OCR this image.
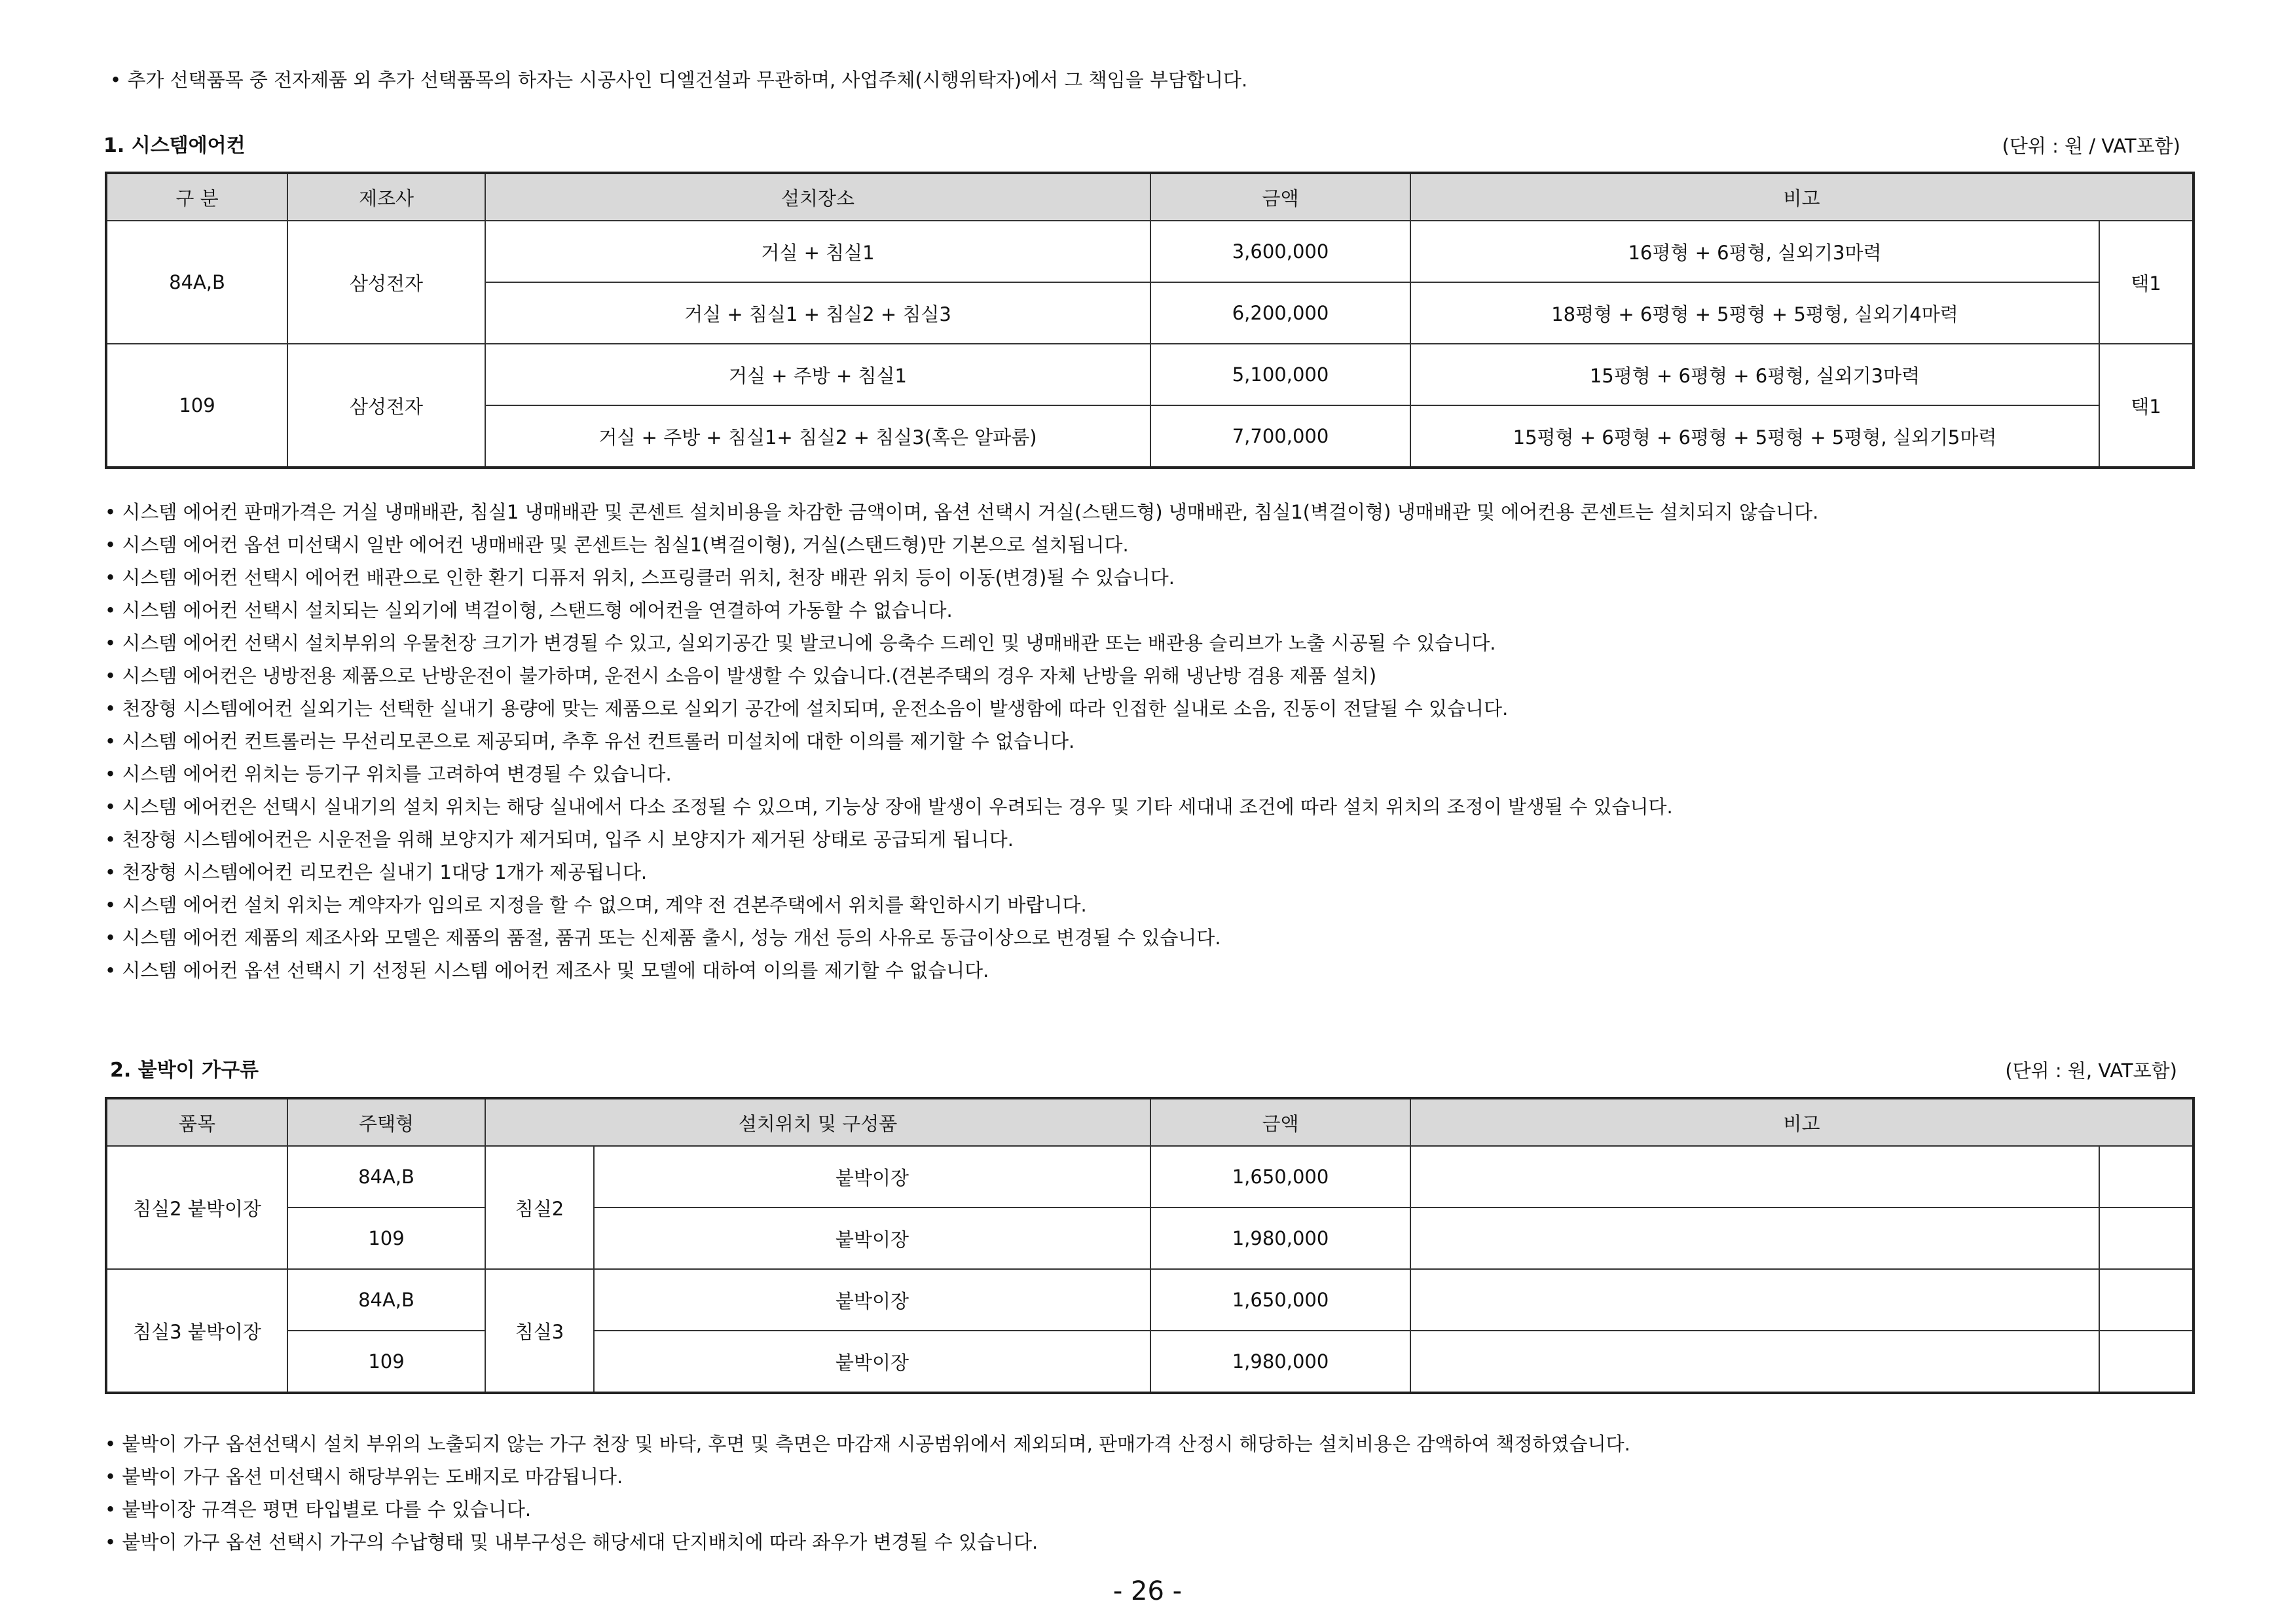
• 추가 선택품목 중 전자제품 외 추가 선택품목의 하자는 시공사인 디엘건설과 무관하며, 사업주체(시행위탁자)에서 그 책임을 부담합니다.
1. 시스템에어컨	(단위 : 원 / VAT포함)
구 분	제조사	설치장소	금액	비고	
84A,B	삼성전자	거실 + 침실1	3,600,000	16평형 + 6평형, 실외기3마력	택1
		거실 + 침실1 + 침실2 + 침실3	6,200,000	18평형 + 6평형 + 5평형 + 5평형, 실외기4마력	
109	삼성전자	거실 + 주방 + 침실1	5,100,000	15평형 + 6평형 + 6평형, 실외기3마력	택1
		거실 + 주방 + 침실1+ 침실2 + 침실3(혹은 알파룸)	7,700,000	15평형 + 6평형 + 6평형 + 5평형 + 5평형, 실외기5마력	
• 시스템 에어컨 판매가격은 거실 냉매배관, 침실1 냉매배관 및 콘센트 설치비용을 차감한 금액이며, 옵션 선택시 거실(스탠드형) 냉매배관, 침실1(벽걸이형) 냉매배관 및 에어컨용 콘센트는 설치되지 않습니다.
• 시스템 에어컨 옵션 미선택시 일반 에어컨 냉매배관 및 콘센트는 침실1(벽걸이형), 거실(스탠드형)만 기본으로 설치됩니다.
• 시스템 에어컨 선택시 에어컨 배관으로 인한 환기 디퓨저 위치, 스프링클러 위치, 천장 배관 위치 등이 이동(변경)될 수 있습니다.
• 시스템 에어컨 선택시 설치되는 실외기에 벽걸이형, 스탠드형 에어컨을 연결하여 가동할 수 없습니다.
• 시스템 에어컨 선택시 설치부위의 우물천장 크기가 변경될 수 있고, 실외기공간 및 발코니에 응축수 드레인 및 냉매배관 또는 배관용 슬리브가 노출 시공될 수 있습니다.
• 시스템 에어컨은 냉방전용 제품으로 난방운전이 불가하며, 운전시 소음이 발생할 수 있습니다.(견본주택의 경우 자체 난방을 위해 냉난방 겸용 제품 설치)
• 천장형 시스템에어컨 실외기는 선택한 실내기 용량에 맞는 제품으로 실외기 공간에 설치되며, 운전소음이 발생함에 따라 인접한 실내로 소음, 진동이 전달될 수 있습니다.
• 시스템 에어컨 컨트롤러는 무선리모콘으로 제공되며, 추후 유선 컨트롤러 미설치에 대한 이의를 제기할 수 없습니다.
• 시스템 에어컨 위치는 등기구 위치를 고려하여 변경될 수 있습니다.
• 시스템 에어컨은 선택시 실내기의 설치 위치는 해당 실내에서 다소 조정될 수 있으며, 기능상 장애 발생이 우려되는 경우 및 기타 세대내 조건에 따라 설치 위치의 조정이 발생될 수 있습니다.
• 천장형 시스템에어컨은 시운전을 위해 보양지가 제거되며, 입주 시 보양지가 제거된 상태로 공급되게 됩니다.
• 천장형 시스템에어컨 리모컨은 실내기 1대당 1개가 제공됩니다.
• 시스템 에어컨 설치 위치는 계약자가 임의로 지정을 할 수 없으며, 계약 전 견본주택에서 위치를 확인하시기 바랍니다.
• 시스템 에어컨 제품의 제조사와 모델은 제품의 품절, 품귀 또는 신제품 출시, 성능 개선 등의 사유로 동급이상으로 변경될 수 있습니다.
• 시스템 에어컨 옵션 선택시 기 선정된 시스템 에어컨 제조사 및 모델에 대하여 이의를 제기할 수 없습니다.
2. 붙박이 가구류	(단위 : 원, VAT포함)
품목	주택형	설치위치 및 구성품		금액	비고	
침실2 붙박이장	84A,B	침실2	붙박이장	1,650,000		
	109		붙박이장	1,980,000		
침실3 붙박이장	84A,B	침실3	붙박이장	1,650,000		
	109		붙박이장	1,980,000		
• 붙박이 가구 옵션선택시 설치 부위의 노출되지 않는 가구 천장 및 바닥, 후면 및 측면은 마감재 시공범위에서 제외되며, 판매가격 산정시 해당하는 설치비용은 감액하여 책정하였습니다.
• 붙박이 가구 옵션 미선택시 해당부위는 도배지로 마감됩니다.
• 붙박이장 규격은 평면 타입별로 다를 수 있습니다.
• 붙박이 가구 옵션 선택시 가구의 수납형태 및 내부구성은 해당세대 단지배치에 따라 좌우가 변경될 수 있습니다.
- 26 -
